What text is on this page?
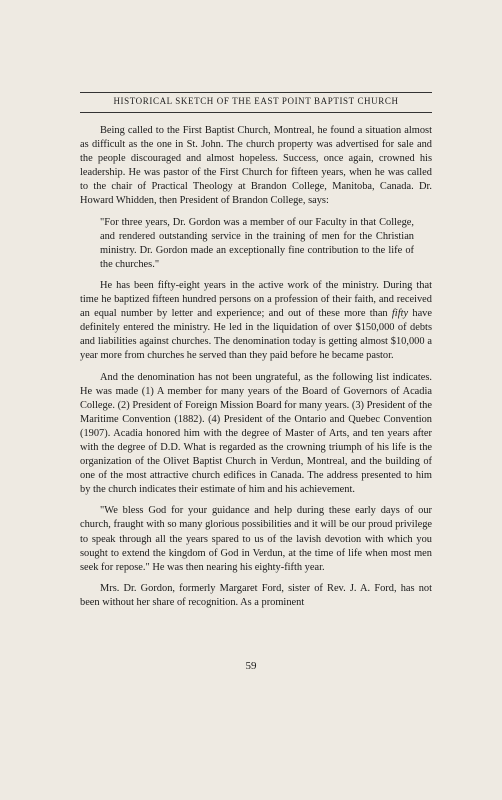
HISTORICAL SKETCH OF THE EAST POINT BAPTIST CHURCH

Being called to the First Baptist Church, Montreal, he found a situation almost as difficult as the one in St. John. The church property was advertised for sale and the people discouraged and almost hopeless. Success, once again, crowned his leadership. He was pastor of the First Church for fifteen years, when he was called to the chair of Practical Theology at Brandon College, Manitoba, Canada. Dr. Howard Whidden, then President of Brandon College, says:

"For three years, Dr. Gordon was a member of our Faculty in that College, and rendered outstanding service in the training of men for the Christian ministry. Dr. Gordon made an exceptionally fine contribution to the life of the churches."

He has been fifty-eight years in the active work of the ministry. During that time he baptized fifteen hundred persons on a profession of their faith, and received an equal number by letter and experience; and out of these more than fifty have definitely entered the ministry. He led in the liquidation of over $150,000 of debts and liabilities against churches. The denomination today is getting almost $10,000 a year more from churches he served than they paid before he became pastor.

And the denomination has not been ungrateful, as the following list indicates. He was made (1) A member for many years of the Board of Governors of Acadia College. (2) President of Foreign Mission Board for many years. (3) President of the Maritime Convention (1882). (4) President of the Ontario and Quebec Convention (1907). Acadia honored him with the degree of Master of Arts, and ten years after with the degree of D.D. What is regarded as the crowning triumph of his life is the organization of the Olivet Baptist Church in Verdun, Montreal, and the building of one of the most attractive church edifices in Canada. The address presented to him by the church indicates their estimate of him and his achievement.

"We bless God for your guidance and help during these early days of our church, fraught with so many glorious possibilities and it will be our proud privilege to speak through all the years spared to us of the lavish devotion with which you sought to extend the kingdom of God in Verdun, at the time of life when most men seek for repose." He was then nearing his eighty-fifth year.

Mrs. Dr. Gordon, formerly Margaret Ford, sister of Rev. J. A. Ford, has not been without her share of recognition. As a prominent

59
